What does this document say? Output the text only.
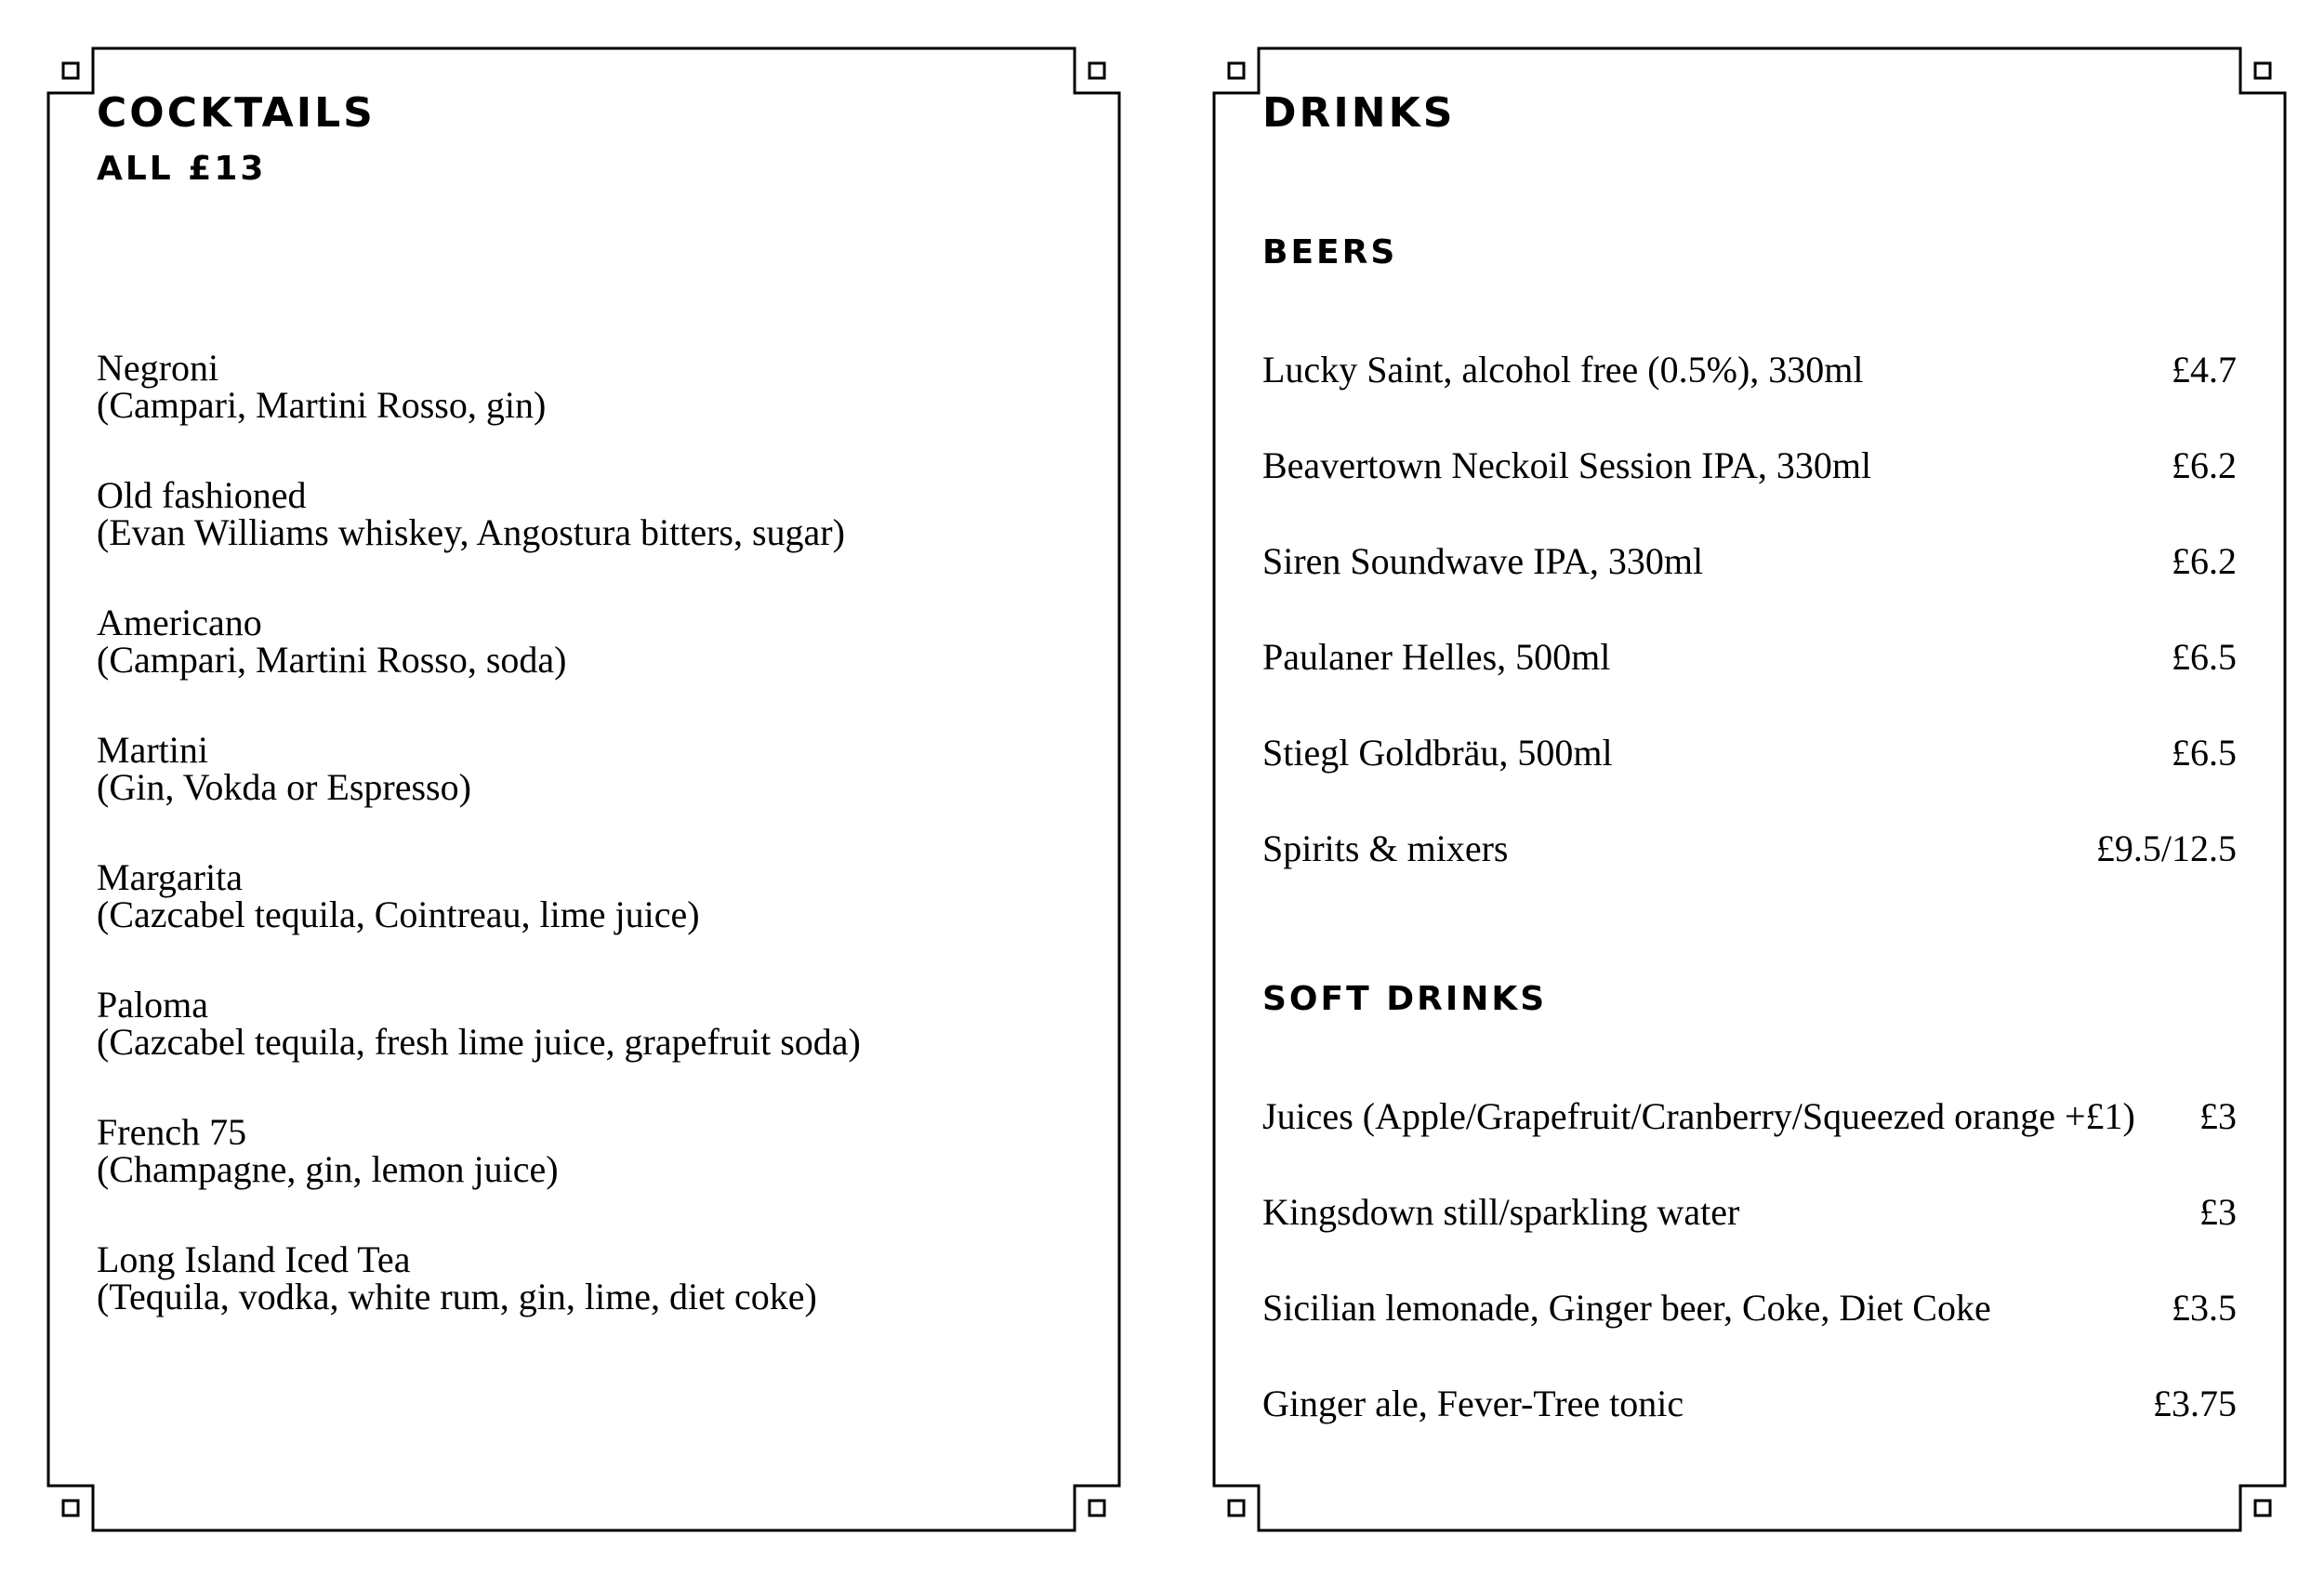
COCKTAILS
ALL £13
Negroni
(Campari, Martini Rosso, gin)
Old fashioned
(Evan Williams whiskey, Angostura bitters, sugar)
Americano
(Campari, Martini Rosso, soda)
Martini
(Gin, Vokda or Espresso)
Margarita
(Cazcabel tequila, Cointreau, lime juice)
Paloma
(Cazcabel tequila, fresh lime juice, grapefruit soda)
French 75
(Champagne, gin, lemon juice)
Long Island Iced Tea
(Tequila, vodka, white rum, gin, lime, diet coke)
DRINKS
BEERS
Lucky Saint, alcohol free (0.5%), 330ml	£4.7
Beavertown Neckoil Session IPA, 330ml	£6.2
Siren Soundwave IPA, 330ml	£6.2
Paulaner Helles, 500ml	£6.5
Stiegl Goldbräu, 500ml	£6.5
Spirits & mixers	£9.5/12.5
SOFT DRINKS
Juices (Apple/Grapefruit/Cranberry/Squeezed orange +£1) £3
Kingsdown still/sparkling water	£3
Sicilian lemonade, Ginger beer, Coke, Diet Coke	£3.5
Ginger ale, Fever-Tree tonic	£3.75
